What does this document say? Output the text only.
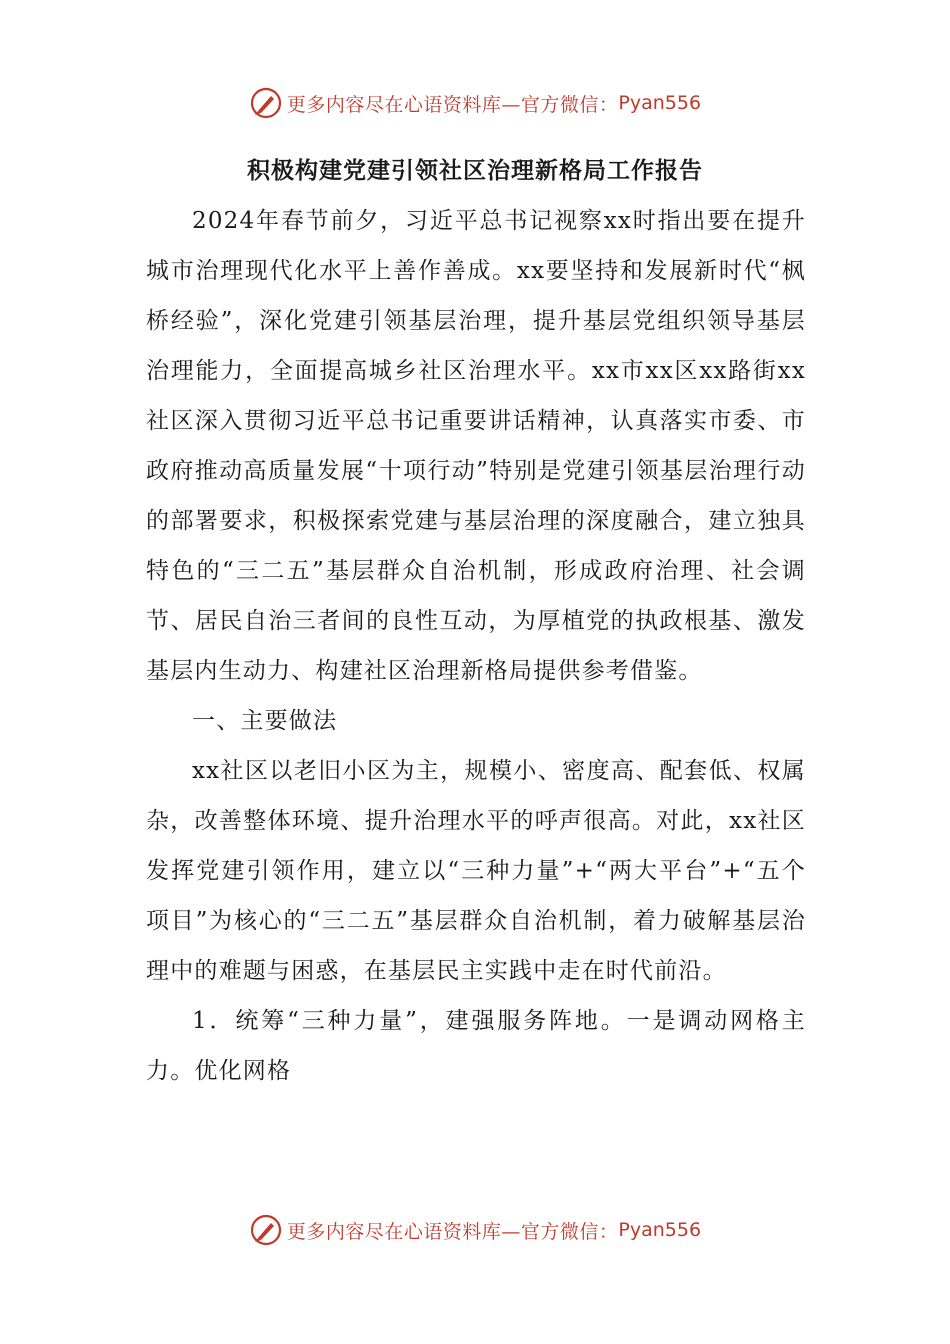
更多内容尽在心语资料库—官方微信： Pyan556
积极构建党建引领社区治理新格局工作报告

2024年春节前夕，习近平总书记视察xx时指出要在提升城市治理现代化水平上善作善成。xx要坚持和发展新时代“枫桥经验”，深化党建引领基层治理，提升基层党组织领导基层治理能力，全面提高城乡社区治理水平。xx市xx区xx路街xx社区深入贯彻习近平总书记重要讲话精神，认真落实市委、市政府推动高质量发展“十项行动”特别是党建引领基层治理行动的部署要求，积极探索党建与基层治理的深度融合，建立独具特色的“三二五”基层群众自治机制，形成政府治理、社会调节、居民自治三者间的良性互动，为厚植党的执政根基、激发基层内生动力、构建社区治理新格局提供参考借鉴。

一、主要做法

xx社区以老旧小区为主，规模小、密度高、配套低、权属杂，改善整体环境、提升治理水平的呼声很高。对此，xx社区发挥党建引领作用，建立以“三种力量”+“两大平台”+“五个项目”为核心的“三二五”基层群众自治机制，着力破解基层治理中的难题与困惑，在基层民主实践中走在时代前沿。

1．统筹“三种力量”，建强服务阵地。一是调动网格主力。优化网格

更多内容尽在心语资料库—官方微信： Pyan556
